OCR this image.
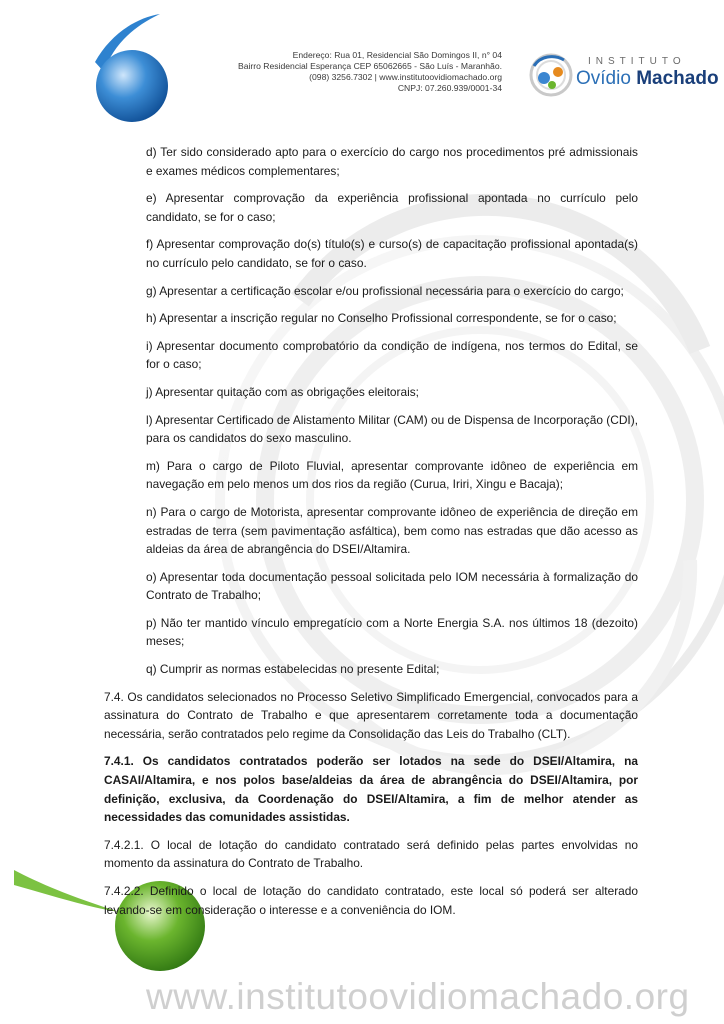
Endereço: Rua 01, Residencial São Domingos II, n° 04
Bairro Residencial Esperança CEP 65062665 - São Luís - Maranhão.
(098) 3256.7302 | www.institutoovidiomachado.org
CNPJ: 07.260.939/0001-34
INSTITUTO
Ovídio Machado

d) Ter sido considerado apto para o exercício do cargo nos procedimentos pré admissionais e exames médicos complementares;

e) Apresentar comprovação da experiência profissional apontada no currículo pelo candidato, se for o caso;

f) Apresentar comprovação do(s) título(s) e curso(s) de capacitação profissional apontada(s) no currículo pelo candidato, se for o caso.

g) Apresentar a certificação escolar e/ou profissional necessária para o exercício do cargo;

h) Apresentar a inscrição regular no Conselho Profissional correspondente, se for o caso;

i) Apresentar documento comprobatório da condição de indígena, nos termos do Edital, se for o caso;

j) Apresentar quitação com as obrigações eleitorais;

l) Apresentar Certificado de Alistamento Militar (CAM) ou de Dispensa de Incorporação (CDI), para os candidatos do sexo masculino.

m) Para o cargo de Piloto Fluvial, apresentar comprovante idôneo de experiência em navegação em pelo menos um dos rios da região (Curua, Iriri, Xingu e Bacaja);

n) Para o cargo de Motorista, apresentar comprovante idôneo de experiência de direção em estradas de terra (sem pavimentação asfáltica), bem como nas estradas que dão acesso as aldeias da área de abrangência do DSEI/Altamira.

o) Apresentar toda documentação pessoal solicitada pelo IOM necessária à formalização do Contrato de Trabalho;

p) Não ter mantido vínculo empregatício com a Norte Energia S.A. nos últimos 18 (dezoito) meses;

q) Cumprir as normas estabelecidas no presente Edital;

7.4. Os candidatos selecionados no Processo Seletivo Simplificado Emergencial, convocados para a assinatura do Contrato de Trabalho e que apresentarem corretamente toda a documentação necessária, serão contratados pelo regime da Consolidação das Leis do Trabalho (CLT).

7.4.1. Os candidatos contratados poderão ser lotados na sede do DSEI/Altamira, na CASAI/Altamira, e nos polos base/aldeias da área de abrangência do DSEI/Altamira, por definição, exclusiva, da Coordenação do DSEI/Altamira, a fim de melhor atender as necessidades das comunidades assistidas.

7.4.2.1. O local de lotação do candidato contratado será definido pelas partes envolvidas no momento da assinatura do Contrato de Trabalho.

7.4.2.2. Definido o local de lotação do candidato contratado, este local só poderá ser alterado levando-se em consideração o interesse e a conveniência do IOM.

www.institutoovidiomachado.org
